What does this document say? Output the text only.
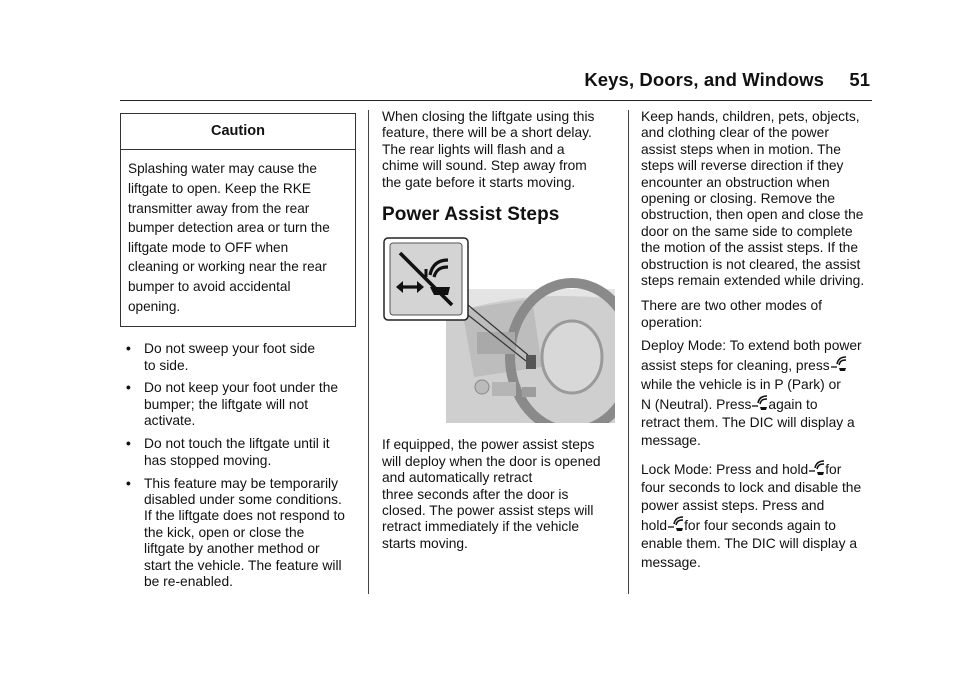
Keys, Doors, and Windows 51
Caution
Splashing water may cause the
liftgate to open. Keep the RKE
transmitter away from the rear
bumper detection area or turn the
liftgate mode to OFF when
cleaning or working near the rear
bumper to avoid accidental
opening.
• Do not sweep your foot side
to side.
• Do not keep your foot under the
bumper; the liftgate will not
activate.
• Do not touch the liftgate until it
has stopped moving.
• This feature may be temporarily
disabled under some conditions.
If the liftgate does not respond to
the kick, open or close the
liftgate by another method or
start the vehicle. The feature will
be re-enabled.
When closing the liftgate using this
feature, there will be a short delay.
The rear lights will flash and a
chime will sound. Step away from
the gate before it starts moving.
Power Assist Steps
If equipped, the power assist steps
will deploy when the door is opened
and automatically retract
three seconds after the door is
closed. The power assist steps will
retract immediately if the vehicle
starts moving.
Keep hands, children, pets, objects,
and clothing clear of the power
assist steps when in motion. The
steps will reverse direction if they
encounter an obstruction when
opening or closing. Remove the
obstruction, then open and close the
door on the same side to complete
the motion of the assist steps. If the
obstruction is not cleared, the assist
steps remain extended while driving.
There are two other modes of
operation:
Deploy Mode: To extend both power
assist steps for cleaning, press
while the vehicle is in P (Park) or
N (Neutral). Press again to
retract them. The DIC will display a
message.
Lock Mode: Press and hold for
four seconds to lock and disable the
power assist steps. Press and
hold for four seconds again to
enable them. The DIC will display a
message.
